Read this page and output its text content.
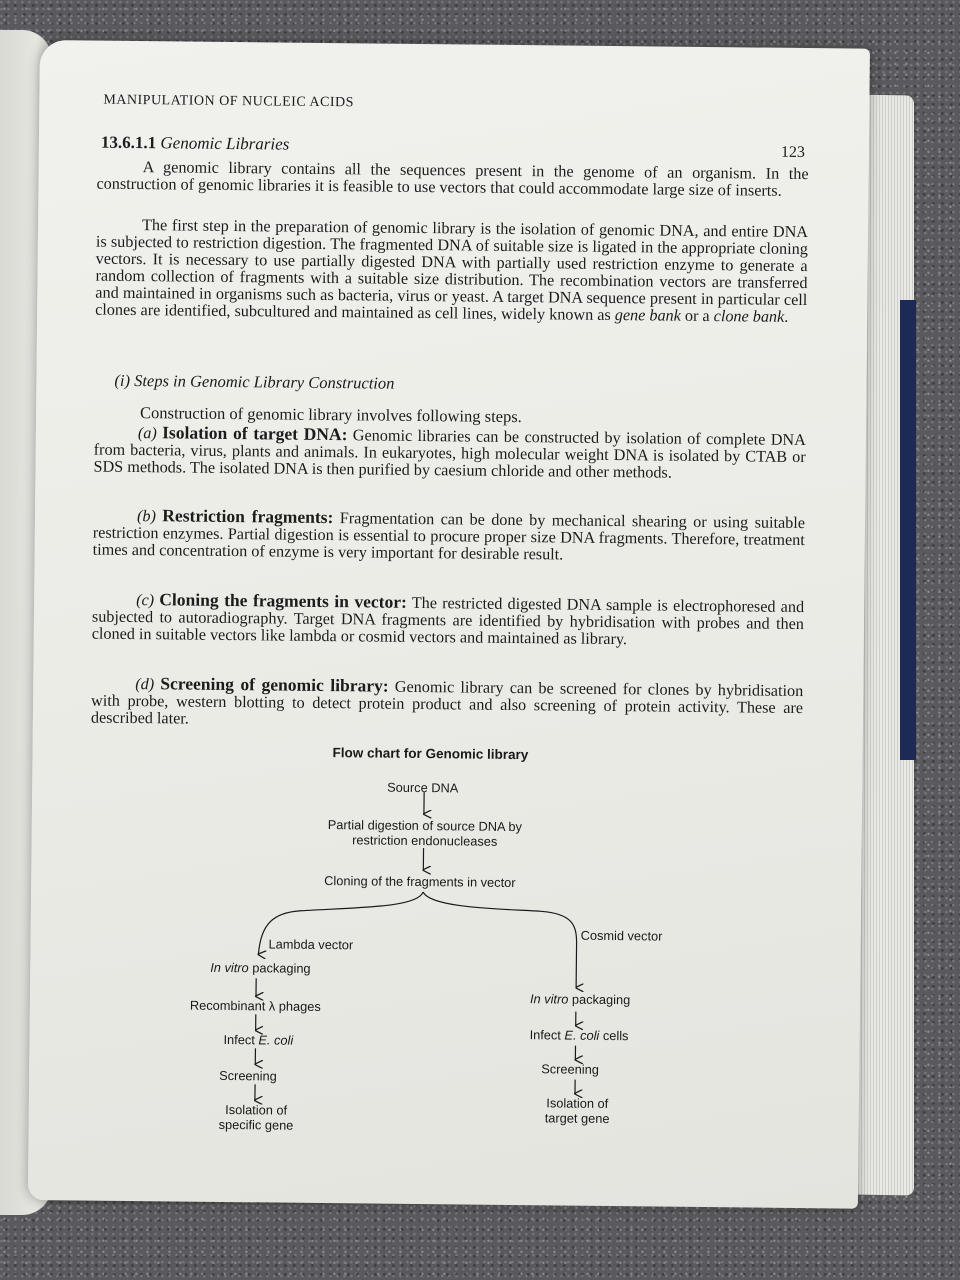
MANIPULATION OF NUCLEIC ACIDS
123
13.6.1.1 Genomic Libraries

A genomic library contains all the sequences present in the genome of an organism. In the construction of genomic libraries it is feasible to use vectors that could accommodate large size of inserts.

The first step in the preparation of genomic library is the isolation of genomic DNA, and entire DNA is subjected to restriction digestion. The fragmented DNA of suitable size is ligated in the appropriate cloning vectors. It is necessary to use partially digested DNA with partially used restriction enzyme to generate a random collection of fragments with a suitable size distribution. The recombination vectors are transferred and maintained in organisms such as bacteria, virus or yeast. A target DNA sequence present in particular cell clones are identified, subcultured and maintained as cell lines, widely known as gene bank or a clone bank.

(i) Steps in Genomic Library Construction
Construction of genomic library involves following steps.

(a) Isolation of target DNA: Genomic libraries can be constructed by isolation of complete DNA from bacteria, virus, plants and animals. In eukaryotes, high molecular weight DNA is isolated by CTAB or SDS methods. The isolated DNA is then purified by caesium chloride and other methods.

(b) Restriction fragments: Fragmentation can be done by mechanical shearing or using suitable restriction enzymes. Partial digestion is essential to procure proper size DNA fragments. Therefore, treatment times and concentration of enzyme is very important for desirable result.

(c) Cloning the fragments in vector: The restricted digested DNA sample is electrophoresed and subjected to autoradiography. Target DNA fragments are identified by hybridisation with probes and then cloned in suitable vectors like lambda or cosmid vectors and maintained as library.

(d) Screening of genomic library: Genomic library can be screened for clones by hybridisation with probe, western blotting to detect protein product and also screening of protein activity. These are described later.

Flow chart for Genomic library
Source DNA
Partial digestion of source DNA by
restriction endonucleases
Cloning of the fragments in vector
Lambda vector
In vitro packaging
Recombinant λ phages
Infect E. coli
Screening
Isolation of
specific gene
Cosmid vector
In vitro packaging
Infect E. coli cells
Screening
Isolation of
target gene
